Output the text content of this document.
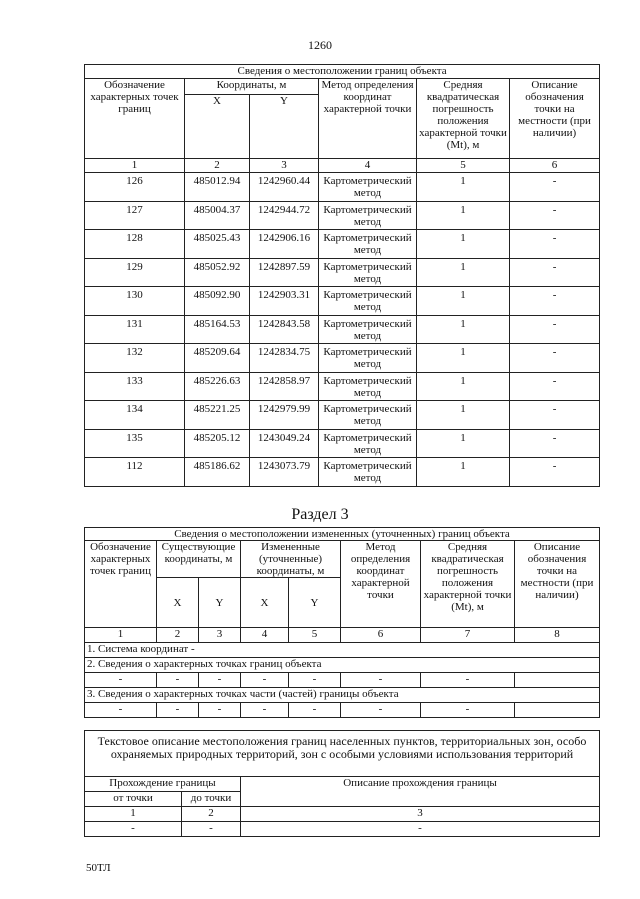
1260
Сведения о местоположении границ объекта					
Обозначение характерных точек границ	Координаты, м		Метод определения координат характерной точки	Средняя квадратическая погрешность положения характерной точки (Mt), м	Описание обозначения точки на местности (при наличии)
	X	Y			
1	2	3	4	5	6
126	485012.94	1242960.44	Картометрический метод	1	-
127	485004.37	1242944.72	Картометрический метод	1	-
128	485025.43	1242906.16	Картометрический метод	1	-
129	485052.92	1242897.59	Картометрический метод	1	-
130	485092.90	1242903.31	Картометрический метод	1	-
131	485164.53	1242843.58	Картометрический метод	1	-
132	485209.64	1242834.75	Картометрический метод	1	-
133	485226.63	1242858.97	Картометрический метод	1	-
134	485221.25	1242979.99	Картометрический метод	1	-
135	485205.12	1243049.24	Картометрический метод	1	-
112	485186.62	1243073.79	Картометрический метод	1	-
Раздел 3
Сведения о местоположении измененных (уточненных) границ объекта							
Обозначение характерных точек границ	Существующие координаты, м		Измененные (уточненные) координаты, м		Метод определения координат характерной точки	Средняя квадратическая погрешность положения характерной точки (Mt), м	Описание обозначения точки на местности (при наличии)
	X	Y	X	Y			
1	2	3	4	5	6	7	8
1. Система координат -							
2. Сведения о характерных точках границ объекта							
-	-	-	-	-	-	-	
3. Сведения о характерных точках части (частей) границы объекта							
-	-	-	-	-	-	-	
Текстовое описание местоположения границ населенных пунктов, территориальных зон, особо охраняемых природных территорий, зон с особыми условиями использования территорий		
Прохождение границы		Описание прохождения границы
от точки	до точки	
1	2	3
-	-	-
50ТЛ
